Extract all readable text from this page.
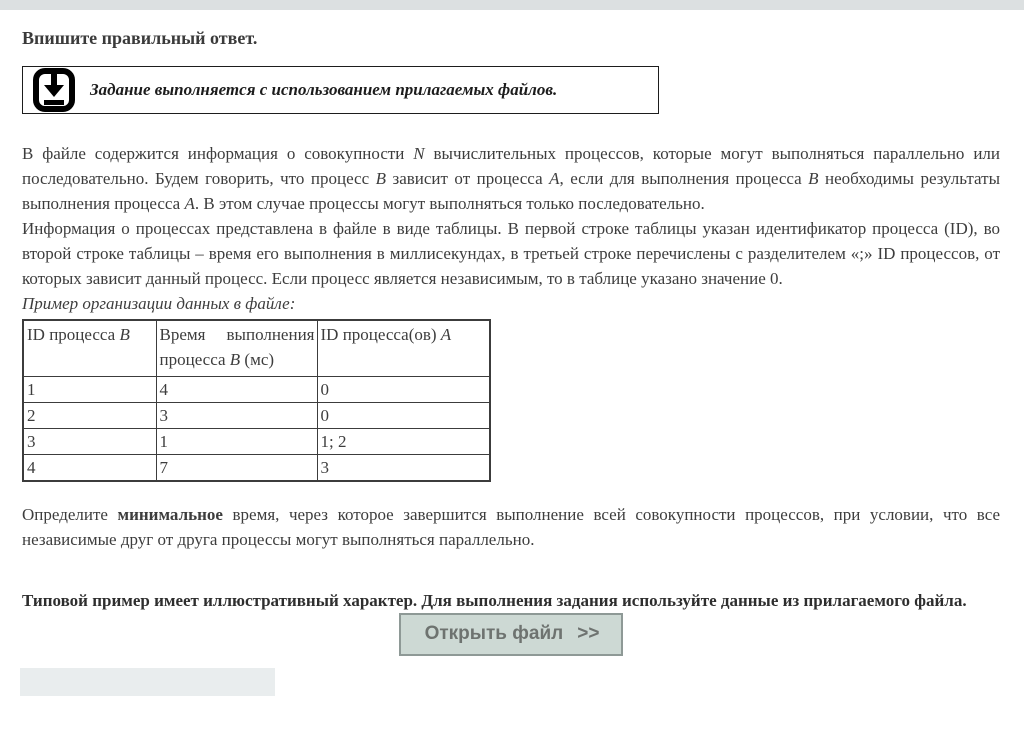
Впишите правильный ответ.
Задание выполняется с использованием прилагаемых файлов.
В файле содержится информация о совокупности N вычислительных процессов, которые могут выполняться параллельно или последовательно. Будем говорить, что процесс B зависит от процесса A, если для выполнения процесса B необходимы результаты выполнения процесса A. В этом случае процессы могут выполняться только последовательно.
Информация о процессах представлена в файле в виде таблицы. В первой строке таблицы указан идентификатор процесса (ID), во второй строке таблицы – время его выполнения в миллисекундах, в третьей строке перечислены с разделителем «;» ID процессов, от которых зависит данный процесс. Если процесс является независимым, то в таблице указано значение 0.
Пример организации данных в файле:
ID процесса B	Время выполнения процесса B (мс)	ID процесса(ов) A
1	4	0
2	3	0
3	1	1; 2
4	7	3
Определите минимальное время, через которое завершится выполнение всей совокупности процессов, при условии, что все независимые друг от друга процессы могут выполняться параллельно.
Типовой пример имеет иллюстративный характер. Для выполнения задания используйте данные из прилагаемого файла.
Открыть файл >>
